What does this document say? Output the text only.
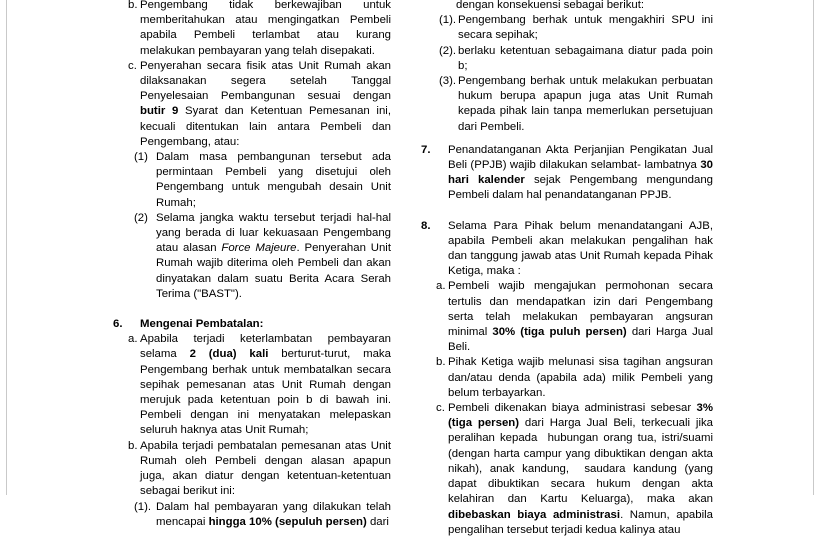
b. Pengembang tidak berkewajiban untuk memberitahukan atau mengingatkan Pembeli apabila Pembeli terlambat atau kurang melakukan pembayaran yang telah disepakati.
c. Penyerahan secara fisik atas Unit Rumah akan dilaksanakan segera setelah Tanggal Penyelesaian Pembangunan sesuai dengan butir 9 Syarat dan Ketentuan Pemesanan ini, kecuali ditentukan lain antara Pembeli dan Pengembang, atau:
(1) Dalam masa pembangunan tersebut ada permintaan Pembeli yang disetujui oleh Pengembang untuk mengubah desain Unit Rumah;
(2) Selama jangka waktu tersebut terjadi hal-hal yang berada di luar kekuasaan Pengembang atau alasan Force Majeure. Penyerahan Unit Rumah wajib diterima oleh Pembeli dan akan dinyatakan dalam suatu Berita Acara Serah Terima ("BAST").
6.	Mengenai Pembatalan:
a. Apabila terjadi keterlambatan pembayaran selama 2 (dua) kali berturut-turut, maka Pengembang berhak untuk membatalkan secara sepihak pemesanan atas Unit Rumah dengan merujuk pada ketentuan poin b di bawah ini. Pembeli dengan ini menyatakan melepaskan seluruh haknya atas Unit Rumah;
b. Apabila terjadi pembatalan pemesanan atas Unit Rumah oleh Pembeli dengan alasan apapun juga, akan diatur dengan ketentuan-ketentuan sebagai berikut ini:
(1). Dalam hal pembayaran yang dilakukan telah mencapai hingga 10% (sepuluh persen) dari
dengan konsekuensi sebagai berikut:
(1). Pengembang berhak untuk mengakhiri SPU ini secara sepihak;
(2). berlaku ketentuan sebagaimana diatur pada poin b;
(3). Pengembang berhak untuk melakukan perbuatan hukum berupa apapun juga atas Unit Rumah kepada pihak lain tanpa memerlukan persetujuan dari Pembeli.
7.	Penandatanganan Akta Perjanjian Pengikatan Jual Beli (PPJB) wajib dilakukan selambat- lambatnya 30 hari kalender sejak Pengembang mengundang Pembeli dalam hal penandatanganan PPJB.
8.	Selama Para Pihak belum menandatangani AJB, apabila Pembeli akan melakukan pengalihan hak dan tanggung jawab atas Unit Rumah kepada Pihak Ketiga, maka :
a. Pembeli wajib mengajukan permohonan secara tertulis dan mendapatkan izin dari Pengembang serta telah melakukan pembayaran angsuran minimal 30% (tiga puluh persen) dari Harga Jual Beli.
b. Pihak Ketiga wajib melunasi sisa tagihan angsuran dan/atau denda (apabila ada) milik Pembeli yang belum terbayarkan.
c. Pembeli dikenakan biaya administrasi sebesar 3% (tiga persen) dari Harga Jual Beli, terkecuali jika peralihan kepada  hubungan orang tua, istri/suami (dengan harta campur yang dibuktikan dengan akta nikah), anak kandung,  saudara kandung (yang dapat dibuktikan secara hukum dengan akta kelahiran dan Kartu Keluarga), maka akan dibebaskan biaya administrasi. Namun, apabila pengalihan tersebut terjadi kedua kalinya atau
